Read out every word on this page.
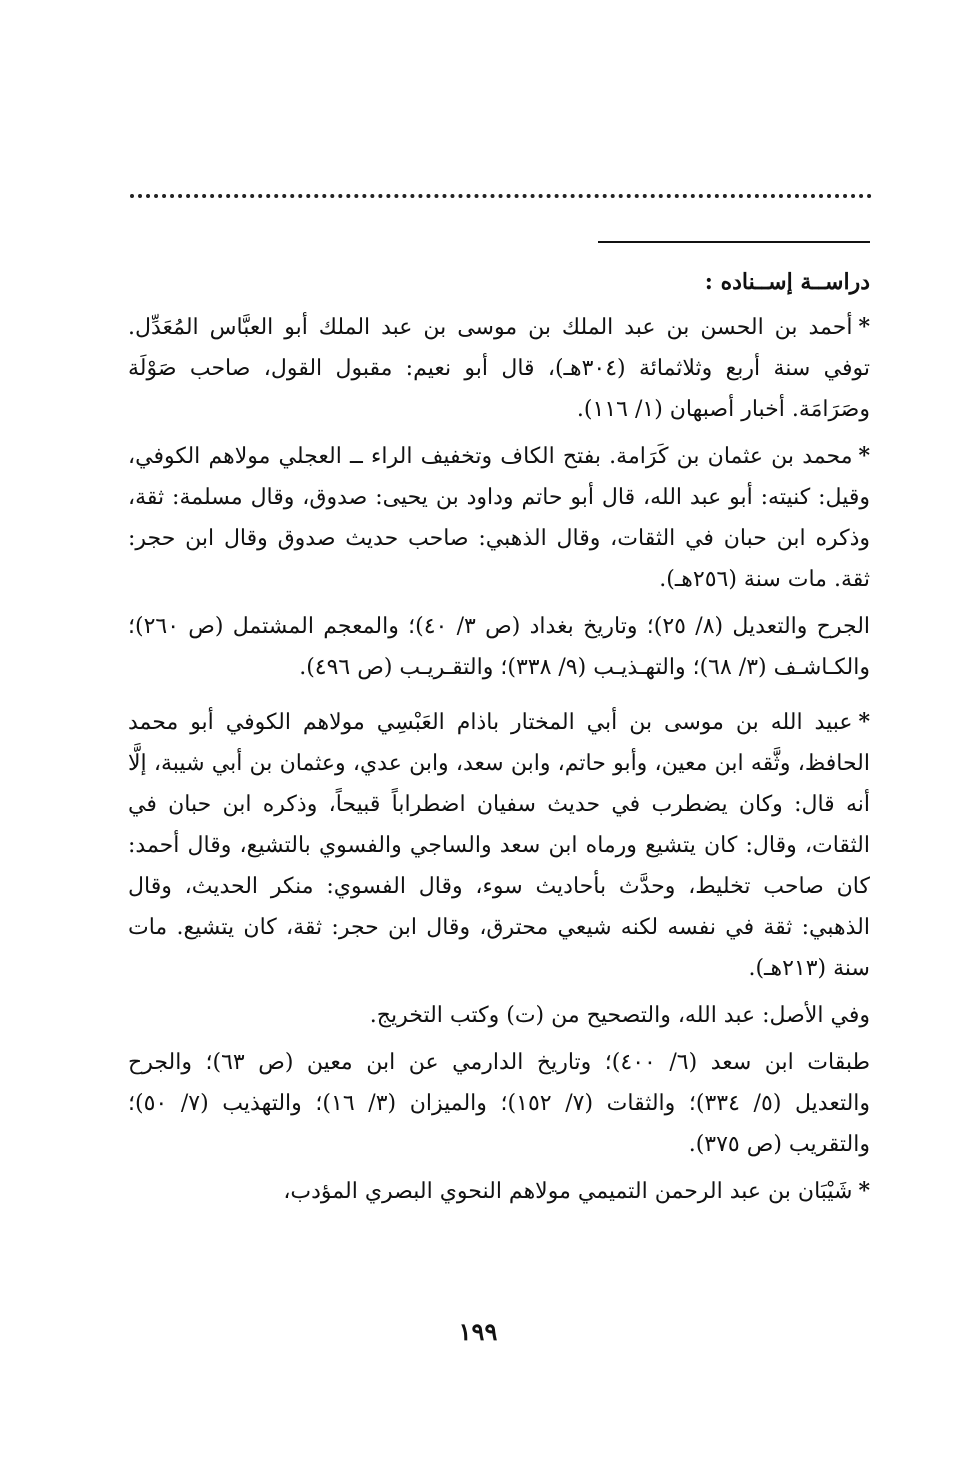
دراســة إســناده :

*أحمد بن الحسن بن عبد الملك بن موسى بن عبد الملك أبو العبَّاس المُعَدِّل. توفي سنة أربع وثلاثمائة (٣٠٤هـ)، قال أبو نعيم: مقبول القول، صاحب صَوْلَة وصَرَامَة. أخبار أصبهان (١/ ١١٦).

*محمد بن عثمان بن كَرَامة. بفتح الكاف وتخفيف الراء ــ العجلي مولاهم الكوفي، وقيل: كنيته: أبو عبد الله، قال أبو حاتم وداود بن يحيى: صدوق، وقال مسلمة: ثقة، وذكره ابن حبان في الثقات، وقال الذهبي: صاحب حديث صدوق وقال ابن حجر: ثقة. مات سنة (٢٥٦هـ).

الجرح والتعديل (٨/ ٢٥)؛ وتاريخ بغداد (ص ٣/ ٤٠)؛ والمعجم المشتمل (ص ٢٦٠)؛ والكـاشـف (٣/ ٦٨)؛ والتهـذيـب (٩/ ٣٣٨)؛ والتقـريـب (ص ٤٩٦).

*عبيد الله بن موسى بن أبي المختار باذام العَبْسِي مولاهم الكوفي أبو محمد الحافظ، وثَّقه ابن معين، وأبو حاتم، وابن سعد، وابن عدي، وعثمان بن أبي شيبة، إلَّا أنه قال: وكان يضطرب في حديث سفيان اضطراباً قبيحاً، وذكره ابن حبان في الثقات، وقال: كان يتشيع ورماه ابن سعد والساجي والفسوي بالتشيع، وقال أحمد: كان صاحب تخليط، وحدَّث بأحاديث سوء، وقال الفسوي: منكر الحديث، وقال الذهبي: ثقة في نفسه لكنه شيعي محترق، وقال ابن حجر: ثقة، كان يتشيع. مات سنة (٢١٣هـ).

وفي الأصل: عبد الله، والتصحيح من (ت) وكتب التخريج.

طبقات ابن سعد (٦/ ٤٠٠)؛ وتاريخ الدارمي عن ابن معين (ص ٦٣)؛ والجرح والتعديل (٥/ ٣٣٤)؛ والثقات (٧/ ١٥٢)؛ والميزان (٣/ ١٦)؛ والتهذيب (٧/ ٥٠)؛ والتقريب (ص ٣٧٥).

*شَيْبَان بن عبد الرحمن التميمي مولاهم النحوي البصري المؤدب،

١٩٩
